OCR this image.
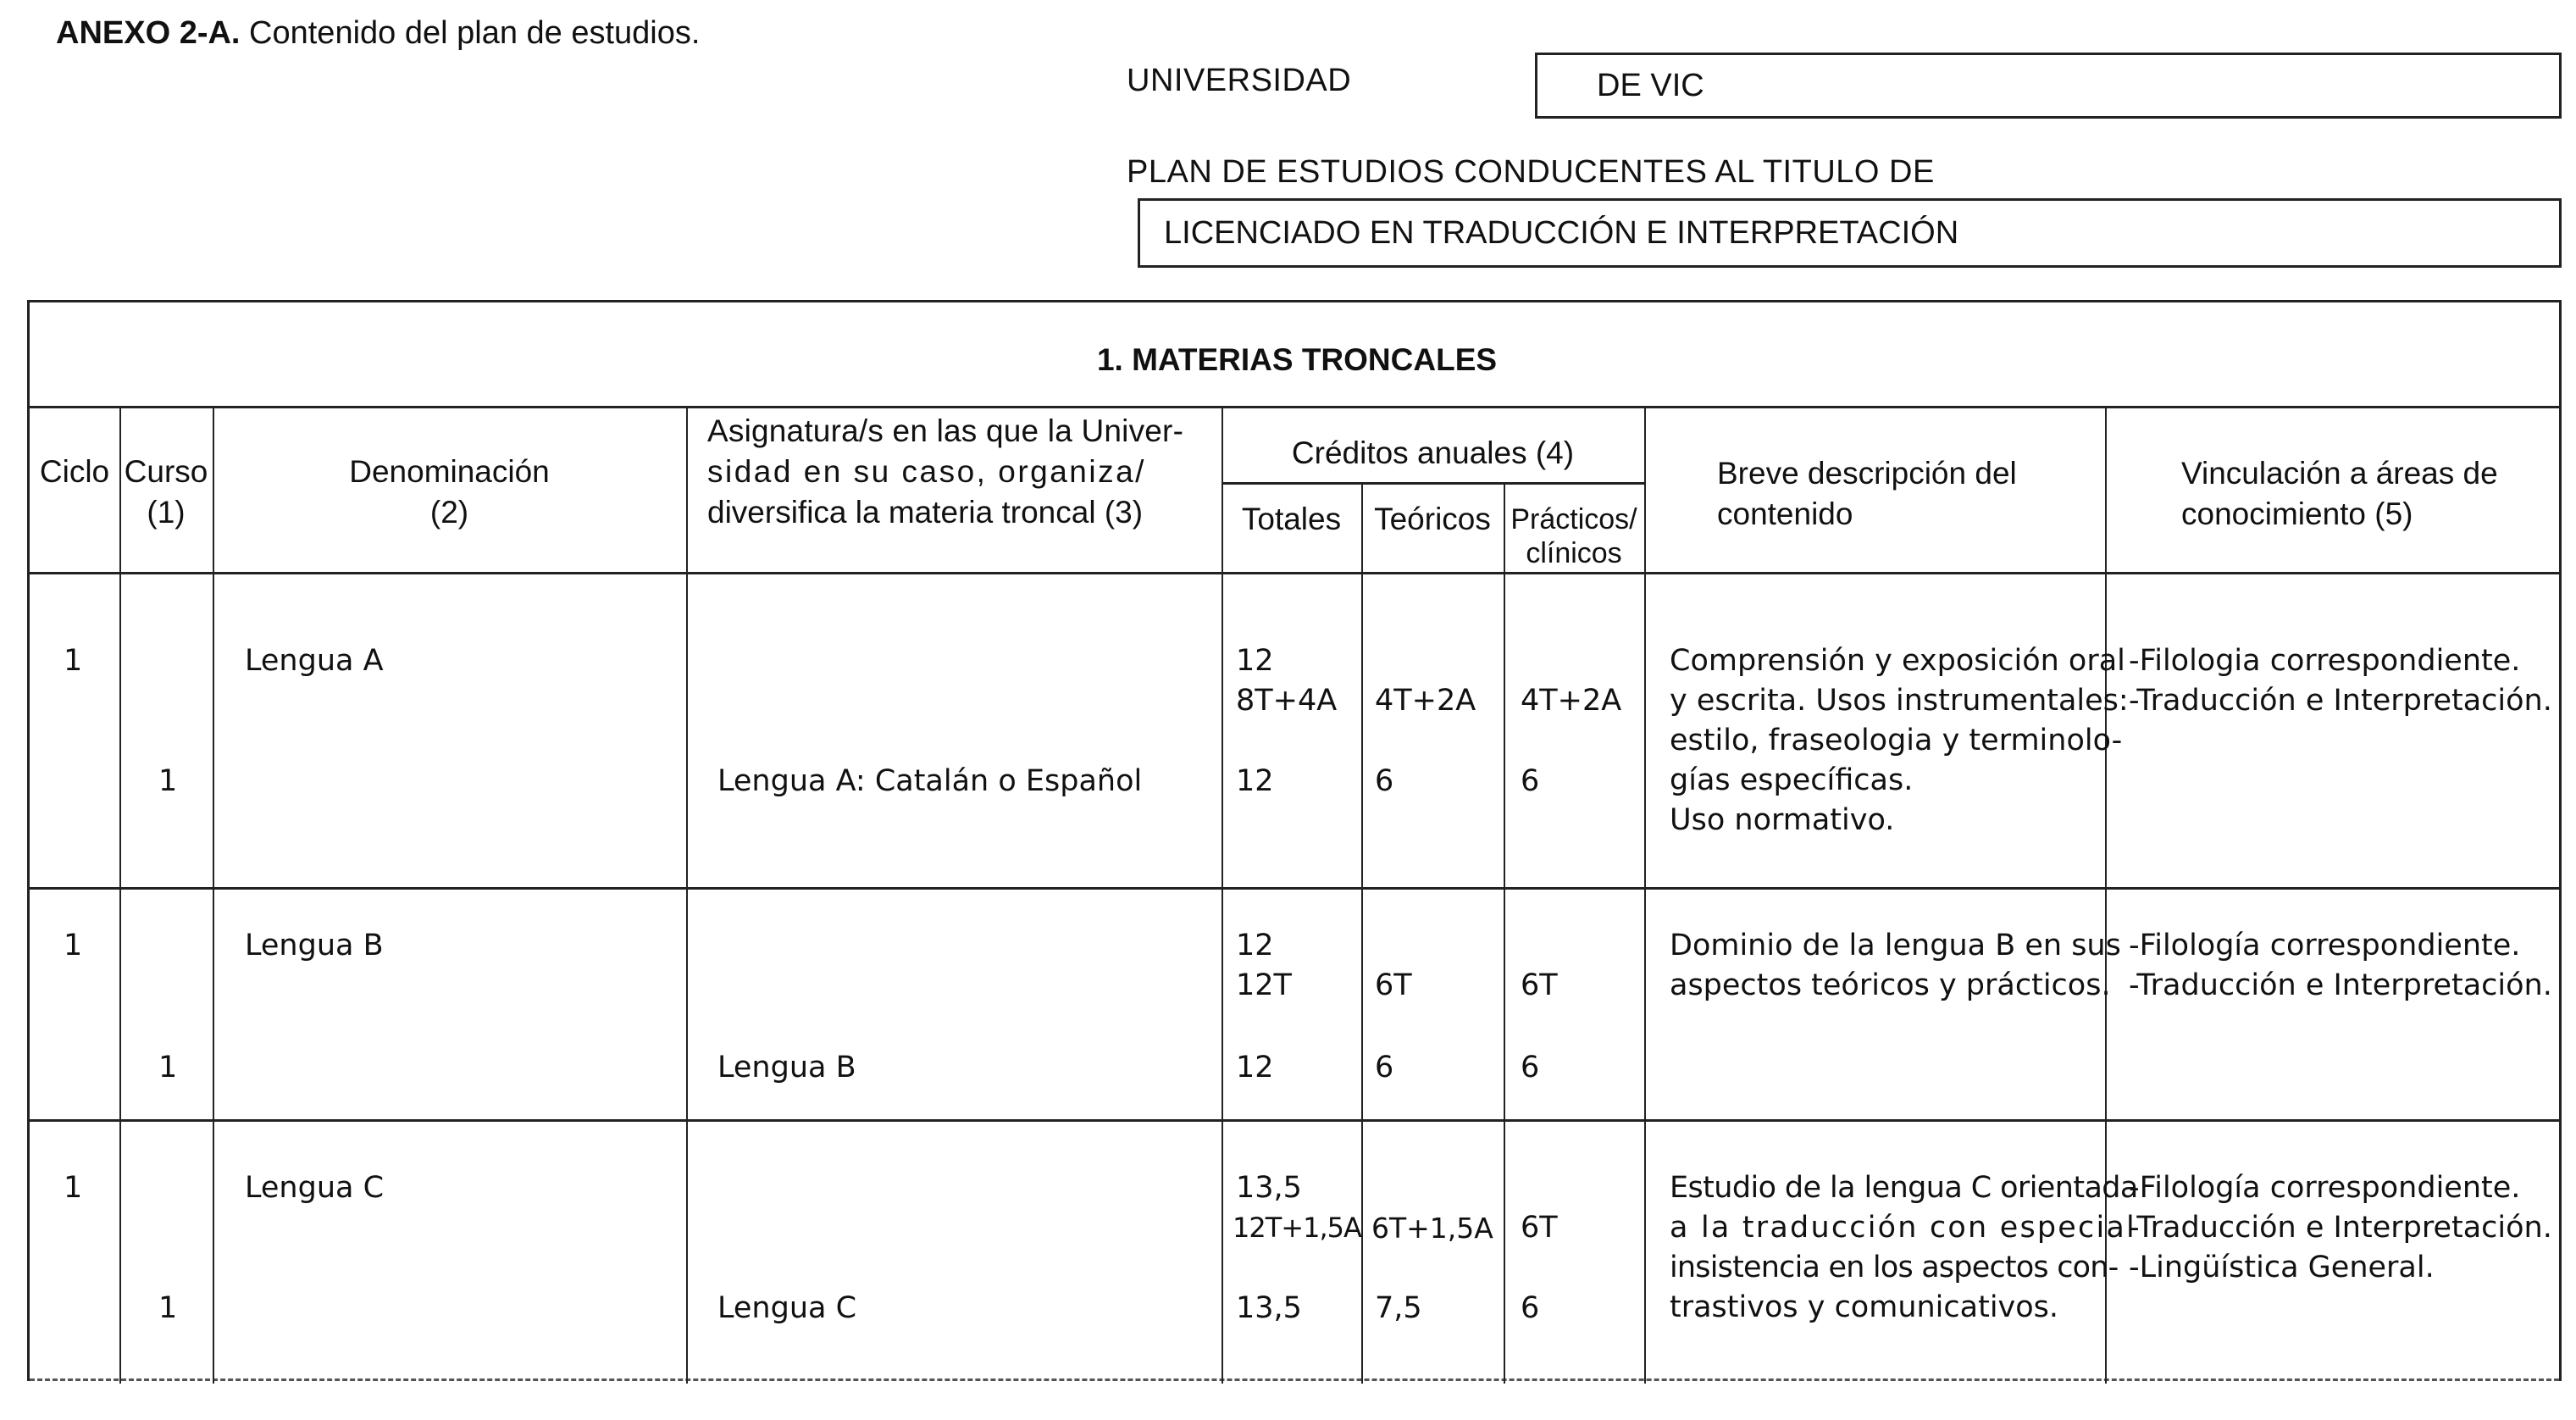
ANEXO 2-A. Contenido del plan de estudios.
UNIVERSIDAD	DE VIC
PLAN DE ESTUDIOS CONDUCENTES AL TITULO DE
LICENCIADO EN TRADUCCIÓN E INTERPRETACIÓN
1. MATERIAS TRONCALES
Ciclo Curso
(1)
Denominación
(2)
Asignatura/s en las que la Univer-
sidad en su caso, organiza/
diversifica la materia troncal (3)
Créditos anuales (4)
Totales	Teóricos Prácticos/
clínicos
Breve descripción del
contenido
Vinculación a áreas de
conocimiento (5)
1
1
Lengua A
Lengua A: Catalán o Español
12
8T+4A
12
4T+2A
6
4T+2A
6
Comprensión y exposición oral
y escrita. Usos instrumentales:
estilo, fraseologia y terminolo-
gías específicas.
Uso normativo.
-Filologia correspondiente.
-Traducción e Interpretación.
1
1
Lengua B
Lengua B
12
12T
12
6T
6
6T
6
Dominio de la lengua B en sus
aspectos teóricos y prácticos.
-Filología correspondiente.
-Traducción e Interpretación.
1
1
Lengua C
Lengua C
13,5
12T+1,5A
13,5
6T+1,5A
7,5
6T
6
Estudio de la lengua C orientada
a la traducción con especial
insistencia en los aspectos con-
trastivos y comunicativos.
-Filología correspondiente.
-Traducción e Interpretación.
-Lingüística General.
